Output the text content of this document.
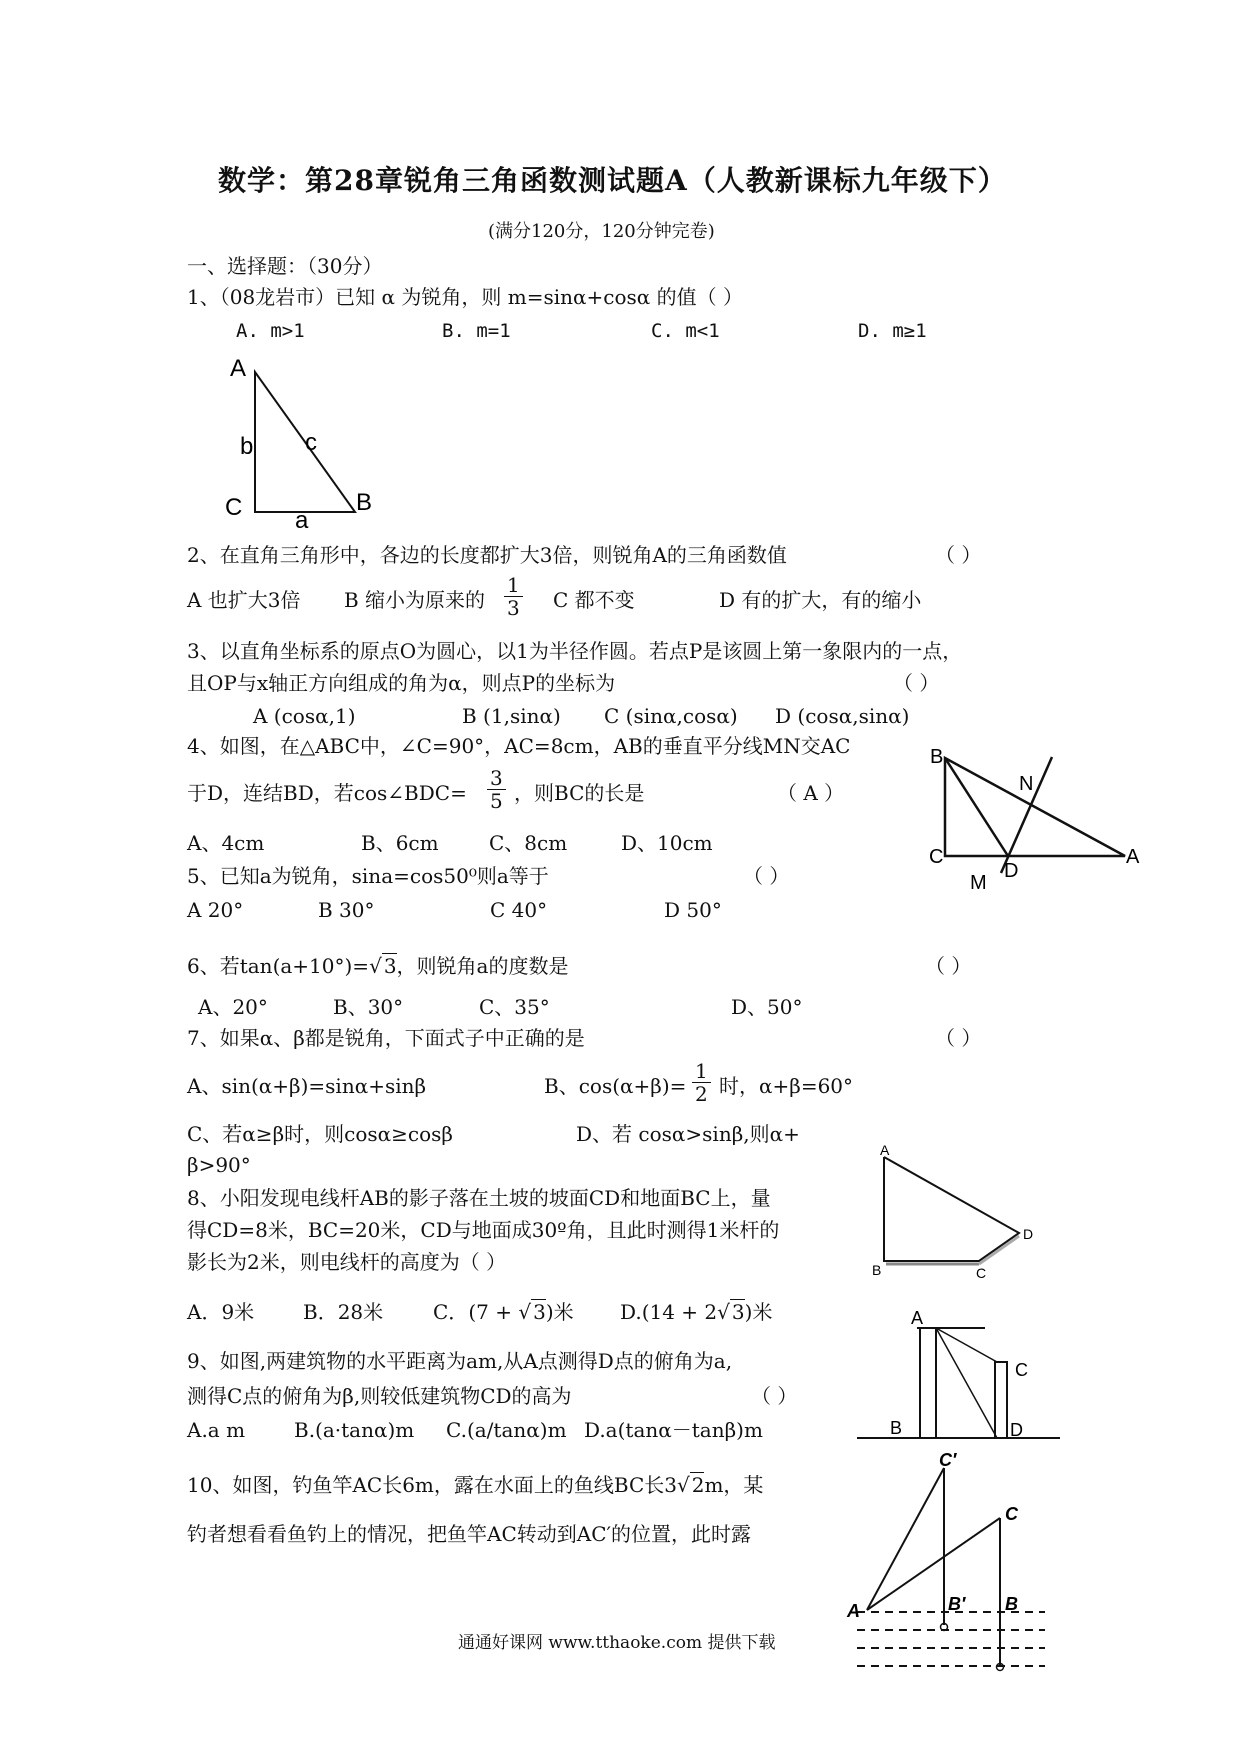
数学：第28章锐角三角函数测试题A（人教新课标九年级下）
(满分120分，120分钟完卷)
一、选择题：（30分）
1、（08龙岩市）已知 α 为锐角，则 m=sinα+cosα 的值（ ）
A. m>1	B. m=1	C. m<1	D. m≥1
A
C	B
b c
a
2、在直角三角形中，各边的长度都扩大3倍，则锐角A的三角函数值	（ ）
A 也扩大3倍 B 缩小为原来的 $\frac{1}{3}$ C 都不变	D 有的扩大，有的缩小
3、以直角坐标系的原点O为圆心，以1为半径作圆。若点P是该圆上第一象限内的一点，
且OP与x轴正方向组成的角为α，则点P的坐标为	（ ）
A (cosα,1)	B (1,sinα) C (sinα,cosα) D (cosα,sinα)
4、如图，在△ABC中，∠C=90°，AC=8cm，AB的垂直平分线MN交AC
于D，连结BD，若cos∠BDC= $\frac{3}{5}$ ，则BC的长是	（ A ）
A、4cm	B、6cm	C、8cm	D、10cm
B
C	A
N
D
M
5、已知a为锐角，sina=cos50⁰则a等于	（ ）
A 20°	B 30°	C 40°	D 50°
6、若tan(a+10°)=√ 3，则锐角a的度数是	（ ）
A、20°	B、30°	C、35°	D、50°
7、如果α、β都是锐角，下面式子中正确的是	（ ）
A、sin(α+β)=sinα+sinβ	B、$\cos(\alpha+\beta)= \frac{1}{2}$ 时，α+β=60°
C、若α≥β时，则cosα≥cosβ	D、若 cosα>sinβ,则α+
β>90°
A
B	C
D
8、小阳发现电线杆AB的影子落在土坡的坡面CD和地面BC上，量
得CD=8米，BC=20米，CD与地面成30º角，且此时测得1米杆的
影长为2米，则电线杆的高度为（ ）
A．9米 B．28米 C．(7 + √ 3)米 D.(14 + 2√ 3)米	A
B
C
D
9、如图,两建筑物的水平距离为am,从A点测得D点的俯角为a,
测得C点的俯角为β,则较低建筑物CD的高为	（ ）
A.a m B.(a·tanα)m C.(a/tanα)m D.a(tanα－tanβ)m
10、如图，钓鱼竿AC长6m，露在水面上的鱼线BC长3√ 2m，某
钓者想看看鱼钓上的情况，把鱼竿AC转动到AC′的位置，此时露
C′
C
A	B′ B
通通好课网 www.tthaoke.com 提供下载
